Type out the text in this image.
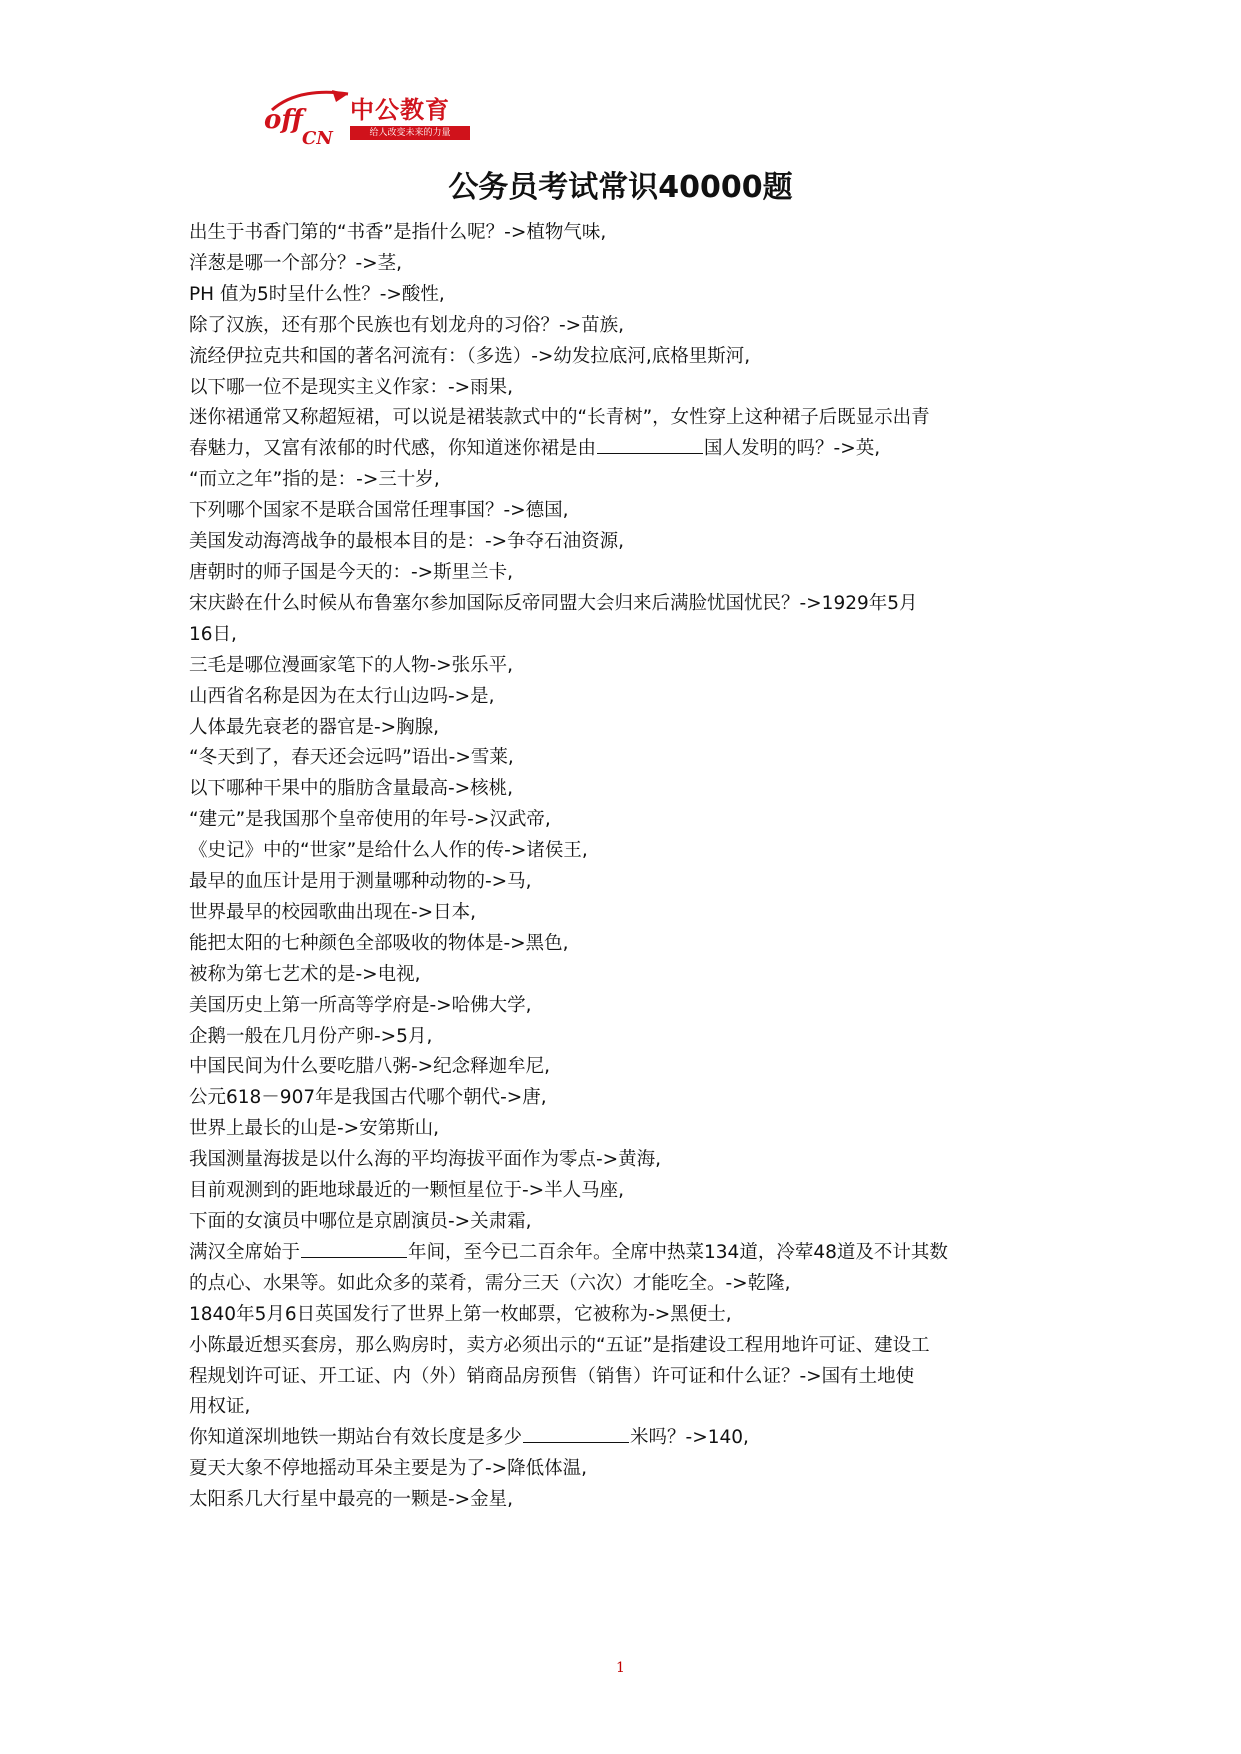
off
CN
中公教育
给人改变未来的力量
公务员考试常识40000题

出生于书香门第的“书香”是指什么呢？->植物气味,

洋葱是哪一个部分？->茎,

PH 值为5时呈什么性？->酸性,

除了汉族，还有那个民族也有划龙舟的习俗？->苗族,

流经伊拉克共和国的著名河流有：（多选）->幼发拉底河,底格里斯河,

以下哪一位不是现实主义作家：->雨果,

迷你裙通常又称超短裙，可以说是裙装款式中的“长青树”，女性穿上这种裙子后既显示出青

春魅力，又富有浓郁的时代感，你知道迷你裙是由	国人发明的吗？->英,

“而立之年”指的是：->三十岁,

下列哪个国家不是联合国常任理事国？->德国,

美国发动海湾战争的最根本目的是：->争夺石油资源,

唐朝时的师子国是今天的：->斯里兰卡,

宋庆龄在什么时候从布鲁塞尔参加国际反帝同盟大会归来后满脸忧国忧民？->1929年5月

16日,

三毛是哪位漫画家笔下的人物->张乐平,

山西省名称是因为在太行山边吗->是,

人体最先衰老的器官是->胸腺,

“冬天到了，春天还会远吗”语出->雪莱,

以下哪种干果中的脂肪含量最高->核桃,

“建元”是我国那个皇帝使用的年号->汉武帝,

《史记》中的“世家”是给什么人作的传->诸侯王,

最早的血压计是用于测量哪种动物的->马,

世界最早的校园歌曲出现在->日本,

能把太阳的七种颜色全部吸收的物体是->黑色,

被称为第七艺术的是->电视,

美国历史上第一所高等学府是->哈佛大学,

企鹅一般在几月份产卵->5月,

中国民间为什么要吃腊八粥->纪念释迦牟尼,

公元618－907年是我国古代哪个朝代->唐,

世界上最长的山是->安第斯山,

我国测量海拔是以什么海的平均海拔平面作为零点->黄海,

目前观测到的距地球最近的一颗恒星位于->半人马座,

下面的女演员中哪位是京剧演员->关肃霜,

满汉全席始于	年间，至今已二百余年。全席中热菜134道，冷荤48道及不计其数

的点心、水果等。如此众多的菜肴，需分三天（六次）才能吃全。->乾隆,

1840年5月6日英国发行了世界上第一枚邮票，它被称为->黑便士,

小陈最近想买套房，那么购房时，卖方必须出示的“五证”是指建设工程用地许可证、建设工

程规划许可证、开工证、内（外）销商品房预售（销售）许可证和什么证？->国有土地使

用权证,

你知道深圳地铁一期站台有效长度是多少	米吗？->140,

夏天大象不停地摇动耳朵主要是为了->降低体温,

太阳系几大行星中最亮的一颗是->金星,

1
